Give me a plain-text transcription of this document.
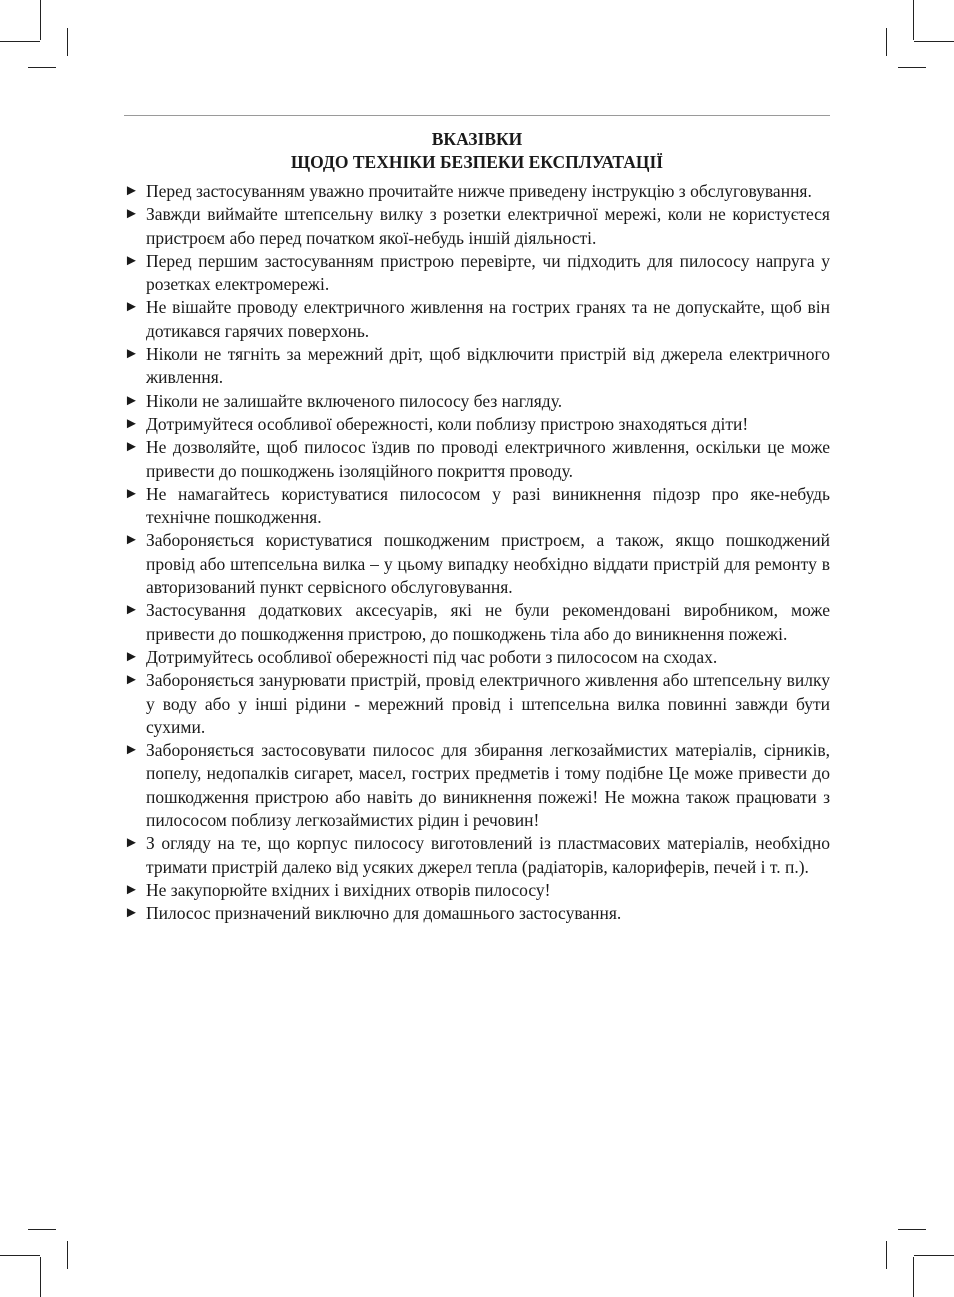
ВКАЗІВКИ
ЩОДО ТЕХНІКИ БЕЗПЕКИ ЕКСПЛУАТАЦІЇ

► Перед застосуванням уважно прочитайте нижче приведену інструкцію з обслуговування.
► Завжди виймайте штепсельну вилку з розетки електричної мережі, коли не користуєтеся пристроєм або перед початком якої-небудь іншій діяльності.
► Перед першим застосуванням пристрою перевірте, чи підходить для пилососу напруга у розетках електромережі.
► Не вішайте проводу електричного живлення на гострих гранях та не допускайте, щоб він дотикався гарячих поверхонь.
► Ніколи не тягніть за мережний дріт, щоб відключити пристрій від джерела електричного живлення.
► Ніколи не залишайте включеного пилососу без нагляду.
► Дотримуйтеся особливої обережності, коли поблизу пристрою знаходяться діти!
► Не дозволяйте, щоб пилосос їздив по проводі електричного живлення, оскільки це може привести до пошкоджень ізоляційного покриття проводу.
► Не намагайтесь користуватися пилососом у разі виникнення підозр про яке-небудь технічне пошкодження.
► Забороняється користуватися пошкодженим пристроєм, а також, якщо пошкоджений провід або штепсельна вилка – у цьому випадку необхідно віддати пристрій для ремонту в авторизований пункт сервісного обслуговування.
► Застосування додаткових аксесуарів, які не були рекомендовані виробником, може привести до пошкодження пристрою, до пошкоджень тіла або до виникнення пожежі.
► Дотримуйтесь особливої обережності під час роботи з пилососом на сходах.
► Забороняється занурювати пристрій, провід електричного живлення або штепсельну вилку у воду або у інші рідини - мережний провід і штепсельна вилка повинні завжди бути сухими.
► Забороняється застосовувати пилосос для збирання легкозаймистих матеріалів, сірників, попелу, недопалків сигарет, масел, гострих предметів і тому подібне Це може привести до пошкодження пристрою або навіть до виникнення пожежі! Не можна також працювати з пилососом поблизу легкозаймистих рідин і речовин!
► З огляду на те, що корпус пилососу виготовлений із пластмасових матеріалів, необхідно тримати пристрій далеко від усяких джерел тепла (радіаторів, калориферів, печей і т. п.).
► Не закупорюйте вхідних і вихідних отворів пилососу!
► Пилосос призначений виключно для домашнього застосування.
